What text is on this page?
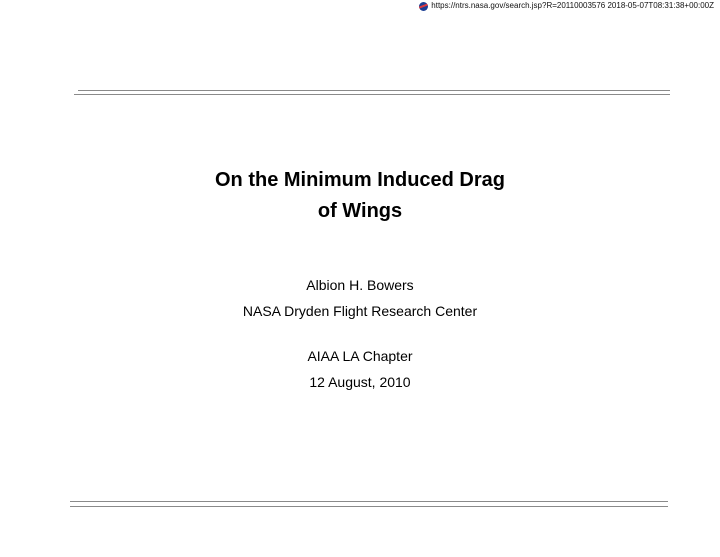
https://ntrs.nasa.gov/search.jsp?R=20110003576 2018-05-07T08:31:38+00:00Z
On the Minimum Induced Drag
of Wings
Albion H. Bowers
NASA Dryden Flight Research Center
AIAA LA Chapter
12 August, 2010
